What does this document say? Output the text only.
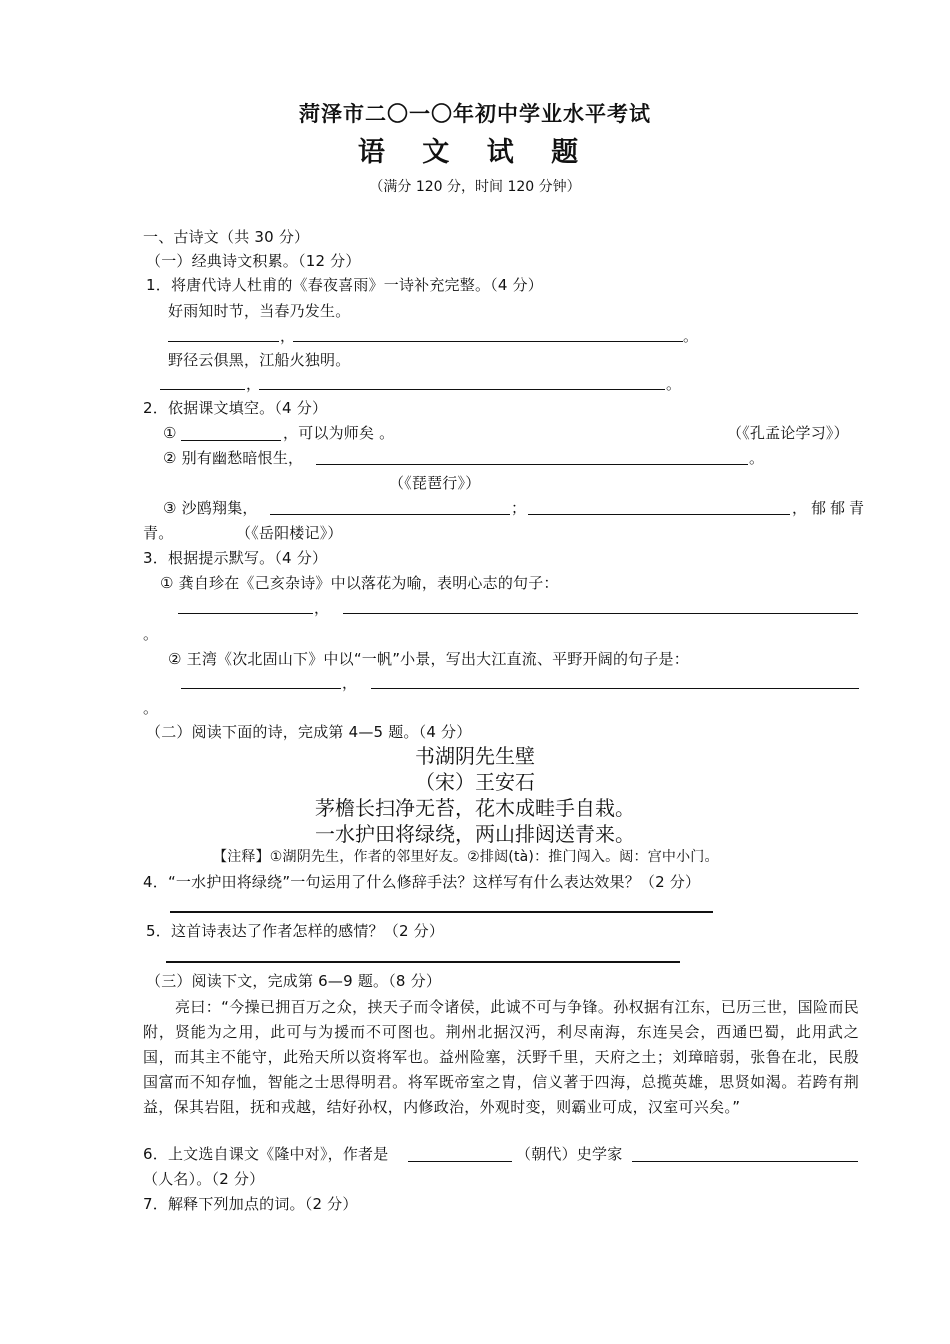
菏泽市二〇一〇年初中学业水平考试
语 文 试 题
（满分 120 分，时间 120 分钟）
一、古诗文（共 30 分）
（一）经典诗文积累。（12 分）
1．将唐代诗人杜甫的《春夜喜雨》一诗补充完整。（4 分）
好雨知时节，当春乃发生。
，	。
野径云俱黑，江船火独明。
，	。
2．依据课文填空。（4 分）
①	，可以为师矣 。	（《孔孟论学习》）
② 别有幽愁暗恨生，	。
（《琵琶行》）
③ 沙鸥翔集，	；	，郁郁青
青。	（《岳阳楼记》）
3．根据提示默写。（4 分）
① 龚自珍在《己亥杂诗》中以落花为喻，表明心志的句子：
，
。
② 王湾《次北固山下》中以“一帆”小景，写出大江直流、平野开阔的句子是：
，
。
（二）阅读下面的诗，完成第 4—5 题。（4 分）
书湖阴先生壁
（宋）王安石
茅檐长扫净无苔，花木成畦手自栽。
一水护田将绿绕，两山排闼送青来。
【注释】①湖阴先生，作者的邻里好友。②排闼(tà)：推门闯入。闼：宫中小门。
4．“一水护田将绿绕”一句运用了什么修辞手法？这样写有什么表达效果？（2 分）
5．这首诗表达了作者怎样的感情？（2 分）
（三）阅读下文，完成第 6—9 题。（8 分）

亮曰：“今操已拥百万之众，挟天子而令诸侯，此诚不可与争锋。孙权据有江东，已历三世，国险而民附，贤能为之用，此可与为援而不可图也。荆州北据汉沔，利尽南海，东连吴会，西通巴蜀，此用武之国，而其主不能守，此殆天所以资将军也。益州险塞，沃野千里，天府之土；刘璋暗弱，张鲁在北，民殷国富而不知存恤，智能之士思得明君。将军既帝室之胄，信义著于四海，总揽英雄，思贤如渴。若跨有荆益，保其岩阻，抚和戎越，结好孙权，内修政治，外观时变，则霸业可成，汉室可兴矣。”

6．上文选自课文《隆中对》，作者是	（朝代）史学家
（人名）。（2 分）
7．解释下列加点的词。（2 分）
